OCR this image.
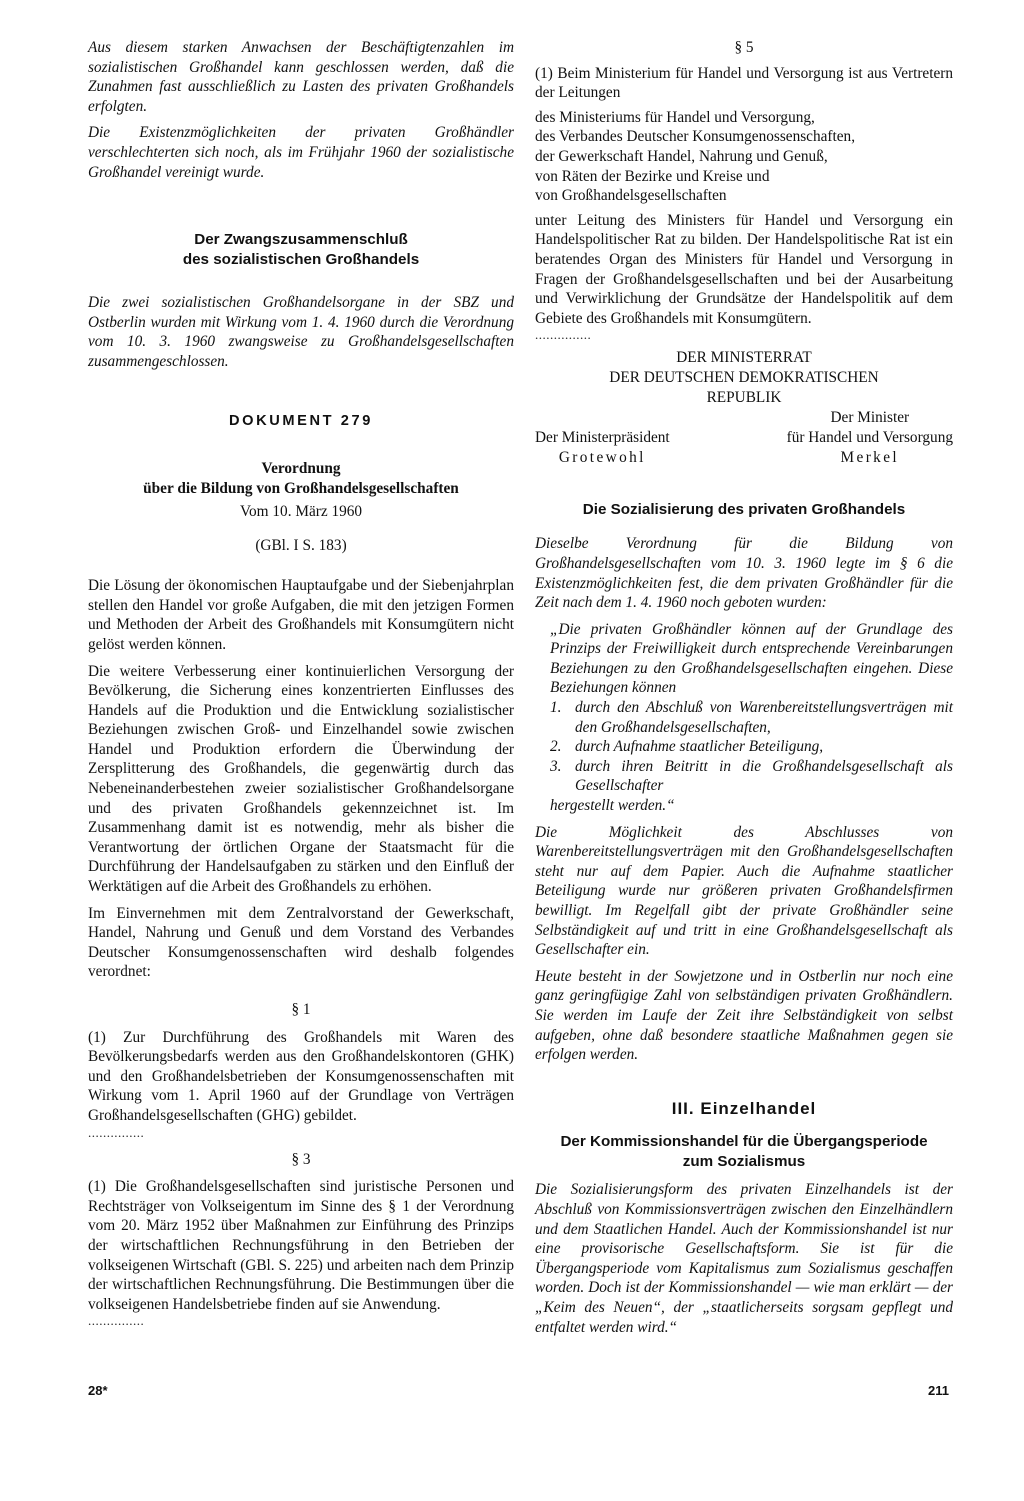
Aus diesem starken Anwachsen der Beschäftigtenzahlen im sozialistischen Großhandel kann geschlossen werden, daß die Zunahmen fast ausschließlich zu Lasten des privaten Großhandels erfolgten.

Die Existenzmöglichkeiten der privaten Großhändler verschlechterten sich noch, als im Frühjahr 1960 der sozialistische Großhandel vereinigt wurde.

Der Zwangszusammenschluß

des sozialistischen Großhandels

Die zwei sozialistischen Großhandelsorgane in der SBZ und Ostberlin wurden mit Wirkung vom 1. 4. 1960 durch die Verordnung vom 10. 3. 1960 zwangsweise zu Großhandelsgesellschaften zusammengeschlossen.

DOKUMENT 279

Verordnung

über die Bildung von Großhandelsgesellschaften

Vom 10. März 1960

(GBl. I S. 183)

Die Lösung der ökonomischen Hauptaufgabe und der Siebenjahrplan stellen den Handel vor große Aufgaben, die mit den jetzigen Formen und Methoden der Arbeit des Großhandels mit Konsumgütern nicht gelöst werden können.

Die weitere Verbesserung einer kontinuierlichen Versorgung der Bevölkerung, die Sicherung eines konzentrierten Einflusses des Handels auf die Produktion und die Entwicklung sozialistischer Beziehungen zwischen Groß- und Einzelhandel sowie zwischen Handel und Produktion erfordern die Überwindung der Zersplitterung des Großhandels, die gegenwärtig durch das Nebeneinanderbestehen zweier sozialistischer Großhandelsorgane und des privaten Großhandels gekennzeichnet ist. Im Zusammenhang damit ist es notwendig, mehr als bisher die Verantwortung der örtlichen Organe der Staatsmacht für die Durchführung der Handelsaufgaben zu stärken und den Einfluß der Werktätigen auf die Arbeit des Großhandels zu erhöhen.

Im Einvernehmen mit dem Zentralvorstand der Gewerkschaft, Handel, Nahrung und Genuß und dem Vorstand des Verbandes Deutscher Konsumgenossenschaften wird deshalb folgendes verordnet:

§ 1

(1) Zur Durchführung des Großhandels mit Waren des Bevölkerungsbedarfs werden aus den Großhandelskontoren (GHK) und den Großhandelsbetrieben der Konsumgenossenschaften mit Wirkung vom 1. April 1960 auf der Grundlage von Verträgen Großhandelsgesellschaften (GHG) gebildet.

...............

§ 3

(1) Die Großhandelsgesellschaften sind juristische Personen und Rechtsträger von Volkseigentum im Sinne des § 1 der Verordnung vom 20. März 1952 über Maßnahmen zur Einführung des Prinzips der wirtschaftlichen Rechnungsführung in den Betrieben der volkseigenen Wirtschaft (GBl. S. 225) und arbeiten nach dem Prinzip der wirtschaftlichen Rechnungsführung. Die Bestimmungen über die volkseigenen Handelsbetriebe finden auf sie Anwendung.

...............

§ 5

(1) Beim Ministerium für Handel und Versorgung ist aus Vertretern der Leitungen

des Ministeriums für Handel und Versorgung,

des Verbandes Deutscher Konsumgenossenschaften,

der Gewerkschaft Handel, Nahrung und Genuß,

von Räten der Bezirke und Kreise und

von Großhandelsgesellschaften

unter Leitung des Ministers für Handel und Versorgung ein Handelspolitischer Rat zu bilden. Der Handelspolitische Rat ist ein beratendes Organ des Ministers für Handel und Versorgung in Fragen der Großhandelsgesellschaften und bei der Ausarbeitung und Verwirklichung der Grundsätze der Handelspolitik auf dem Gebiete des Großhandels mit Konsumgütern.

...............

DER MINISTERRAT

DER DEUTSCHEN DEMOKRATISCHEN

REPUBLIK

Der Ministerpräsident
Grotewohl
Der Minister
für Handel und Versorgung
Merkel

Die Sozialisierung des privaten Großhandels

Dieselbe Verordnung für die Bildung von Großhandelsgesellschaften vom 10. 3. 1960 legte im § 6 die Existenzmöglichkeiten fest, die dem privaten Großhändler für die Zeit nach dem 1. 4. 1960 noch geboten wurden:

„Die privaten Großhändler können auf der Grundlage des Prinzips der Freiwilligkeit durch entsprechende Vereinbarungen Beziehungen zu den Großhandelsgesellschaften eingehen. Diese Beziehungen können

1. durch den Abschluß von Warenbereitstellungsverträgen mit den Großhandelsgesellschaften,
2. durch Aufnahme staatlicher Beteiligung,
3. durch ihren Beitritt in die Großhandelsgesellschaft als Gesellschafter

hergestellt werden.“

Die Möglichkeit des Abschlusses von Warenbereitstellungsverträgen mit den Großhandelsgesellschaften steht nur auf dem Papier. Auch die Aufnahme staatlicher Beteiligung wurde nur größeren privaten Großhandelsfirmen bewilligt. Im Regelfall gibt der private Großhändler seine Selbständigkeit auf und tritt in eine Großhandelsgesellschaft als Gesellschafter ein.

Heute besteht in der Sowjetzone und in Ostberlin nur noch eine ganz geringfügige Zahl von selbständigen privaten Großhändlern. Sie werden im Laufe der Zeit ihre Selbständigkeit von selbst aufgeben, ohne daß besondere staatliche Maßnahmen gegen sie erfolgen werden.

III. Einzelhandel

Der Kommissionshandel für die Übergangsperiode

zum Sozialismus

Die Sozialisierungsform des privaten Einzelhandels ist der Abschluß von Kommissionsverträgen zwischen den Einzelhändlern und dem Staatlichen Handel. Auch der Kommissionshandel ist nur eine provisorische Gesellschaftsform. Sie ist für die Übergangsperiode vom Kapitalismus zum Sozialismus geschaffen worden. Doch ist der Kommissionshandel — wie man erklärt — der „Keim des Neuen“, der „staatlicherseits sorgsam gepflegt und entfaltet werden wird.“

28*	211
